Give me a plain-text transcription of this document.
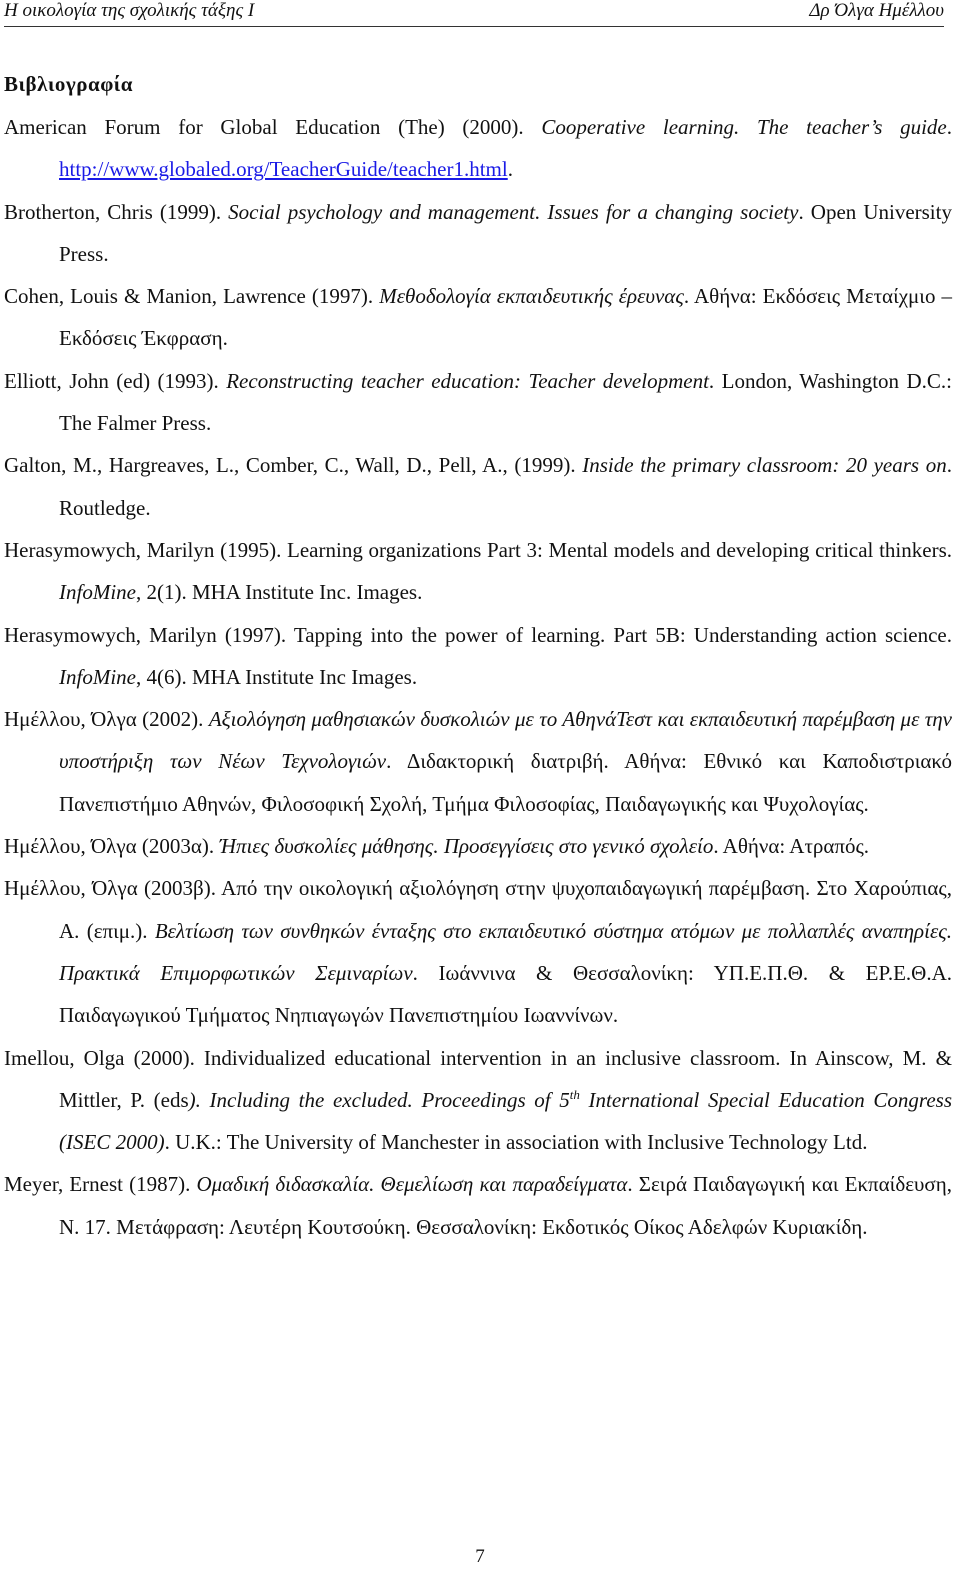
Η οικολογία της σχολικής τάξης Ι	Δρ Όλγα Ημέλλου
Βιβλιογραφία
American Forum for Global Education (The) (2000). Cooperative learning. The teacher’s guide. http://www.globaled.org/TeacherGuide/teacher1.html.
Brotherton, Chris (1999). Social psychology and management. Issues for a changing society. Open University Press.
Cohen, Louis & Manion, Lawrence (1997). Μεθοδολογία εκπαιδευτικής έρευνας. Αθήνα: Εκδόσεις Μεταίχμιο – Εκδόσεις Έκφραση.
Elliott, John (ed) (1993). Reconstructing teacher education: Teacher development. London, Washington D.C.: The Falmer Press.
Galton, M., Hargreaves, L., Comber, C., Wall, D., Pell, A., (1999). Inside the primary classroom: 20 years on. Routledge.
Herasymowych, Marilyn (1995). Learning organizations Part 3: Mental models and developing critical thinkers. InfoMine, 2(1). MHA Institute Inc. Images.
Herasymowych, Marilyn (1997). Tapping into the power of learning. Part 5B: Understanding action science. InfoMine, 4(6). MHA Institute Inc Images.
Ημέλλου, Όλγα (2002). Αξιολόγηση μαθησιακών δυσκολιών με το ΑθηνάΤεστ και εκπαιδευτική παρέμβαση με την υποστήριξη των Νέων Τεχνολογιών. Διδακτορική διατριβή. Αθήνα: Εθνικό και Καποδιστριακό Πανεπιστήμιο Αθηνών, Φιλοσοφική Σχολή, Τμήμα Φιλοσοφίας, Παιδαγωγικής και Ψυχολογίας.
Ημέλλου, Όλγα (2003α). Ήπιες δυσκολίες μάθησης. Προσεγγίσεις στο γενικό σχολείο. Αθήνα: Ατραπός.
Ημέλλου, Όλγα (2003β). Από την οικολογική αξιολόγηση στην ψυχοπαιδαγωγική παρέμβαση. Στο Χαρούπιας, Α. (επιμ.). Βελτίωση των συνθηκών ένταξης στο εκπαιδευτικό σύστημα ατόμων με πολλαπλές αναπηρίες. Πρακτικά Επιμορφωτικών Σεμιναρίων. Ιωάννινα & Θεσσαλονίκη: ΥΠ.Ε.Π.Θ. & ΕΡ.Ε.Θ.Α. Παιδαγωγικού Τμήματος Νηπιαγωγών Πανεπιστημίου Ιωαννίνων.
Imellou, Olga (2000). Individualized educational intervention in an inclusive classroom. In Ainscow, M. & Mittler, P. (eds). Including the excluded. Proceedings of 5th International Special Education Congress (ISEC 2000). U.K.: The University of Manchester in association with Inclusive Technology Ltd.
Meyer, Ernest (1987). Ομαδική διδασκαλία. Θεμελίωση και παραδείγματα. Σειρά Παιδαγωγική και Εκπαίδευση, Ν. 17. Μετάφραση: Λευτέρη Κουτσούκη. Θεσσαλονίκη: Εκδοτικός Οίκος Αδελφών Κυριακίδη.
7
